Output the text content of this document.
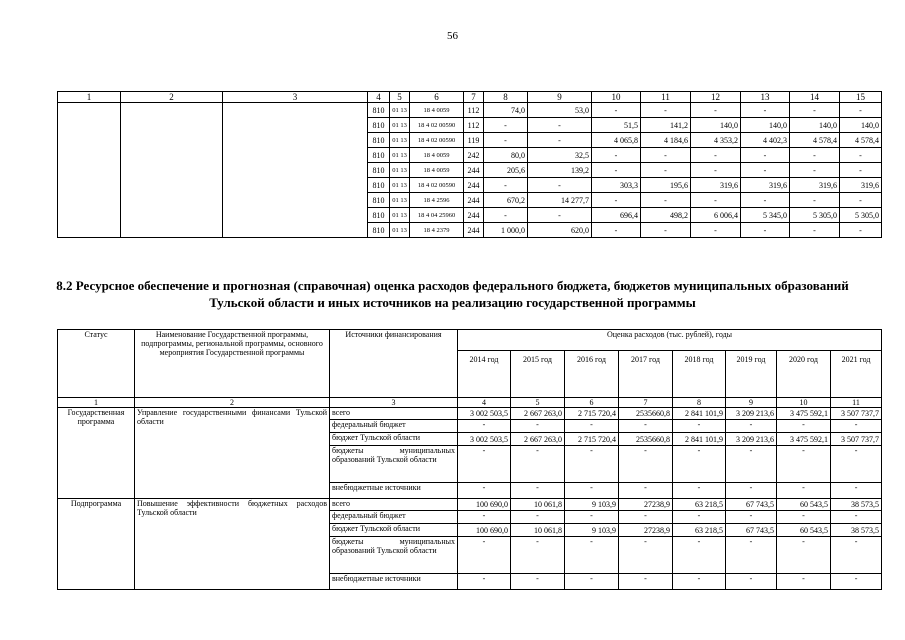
56
1	2	3	4	5	6	7	8	9	10	11	12	13	14	15
			810	01 13	18 4 0059	112	74,0	53,0	-	-	-	-	-	-
			810	01 13	18 4 02 00590	112	-	-	51,5	141,2	140,0	140,0	140,0	140,0
			810	01 13	18 4 02 00590	119	-	-	4 065,8	4 184,6	4 353,2	4 402,3	4 578,4	4 578,4
			810	01 13	18 4 0059	242	80,0	32,5	-	-	-	-	-	-
			810	01 13	18 4 0059	244	205,6	139,2	-	-	-	-	-	-
			810	01 13	18 4 02 00590	244	-	-	303,3	195,6	319,6	319,6	319,6	319,6
			810	01 13	18 4 2596	244	670,2	14 277,7	-	-	-	-	-	-
			810	01 13	18 4 04 25960	244	-	-	696,4	498,2	6 006,4	5 345,0	5 305,0	5 305,0
			810	01 13	18 4 2379	244	1 000,0	620,0	-	-	-	-	-	-
8.2 Ресурсное обеспечение и прогнозная (справочная) оценка расходов федерального бюджета, бюджетов муниципальных образований Тульской области и иных источников на реализацию государственной программы
Статус	Наименование Государственной программы, подпрограммы, региональной программы, основного мероприятия Государственной программы	Источники финансирования	Оценка расходов (тыс. рублей), годы							
			2014 год	2015 год	2016 год	2017 год	2018 год	2019 год	2020 год	2021 год
1	2	3	4	5	6	7	8	9	10	11
Государственная программа	Управление государственными финансами Тульской области	всего	3 002 503,5	2 667 263,0	2 715 720,4	2535660,8	2 841 101,9	3 209 213,6	3 475 592,1	3 507 737,7
		федеральный бюджет	-	-	-	-	-	-	-	-
		бюджет Тульской области	3 002 503,5	2 667 263,0	2 715 720,4	2535660,8	2 841 101,9	3 209 213,6	3 475 592,1	3 507 737,7
		бюджеты муниципальных образований Тульской области	-	-	-	-	-	-	-	-
		внебюджетные источники	-	-	-	-	-	-	-	-
Подпрограмма	Повышение эффективности бюджетных расходов Тульской области	всего	100 690,0	10 061,8	9 103,9	27238,9	63 218,5	67 743,5	60 543,5	38 573,5
		федеральный бюджет	-	-	-	-	-	-	-	-
		бюджет Тульской области	100 690,0	10 061,8	9 103,9	27238,9	63 218,5	67 743,5	60 543,5	38 573,5
		бюджеты муниципальных образований Тульской области	-	-	-	-	-	-	-	-
		внебюджетные источники	-	-	-	-	-	-	-	-
